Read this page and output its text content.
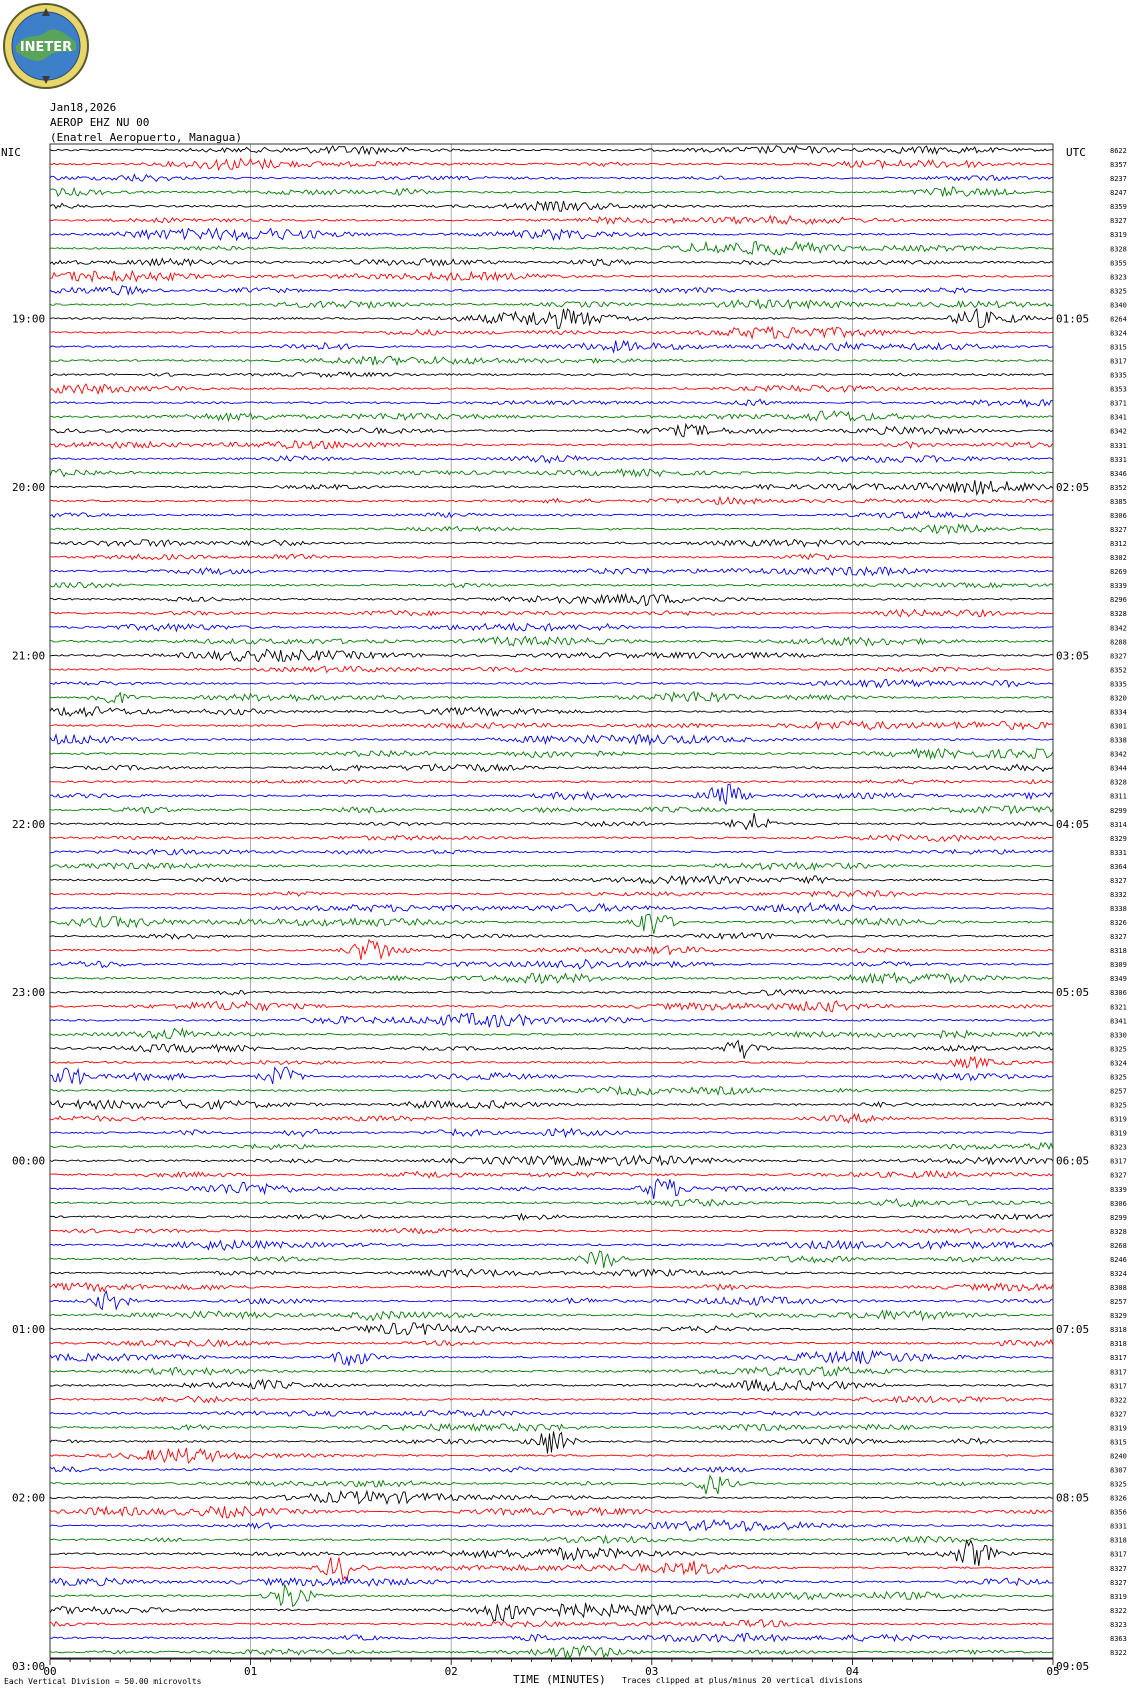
INETER
Jan18,2026
AEROP EHZ NU 00
(Enatrel Aeropuerto, Managua)
NIC	UTC
00	01	02	03	04	05
8622
8357
8237
8247
8359
8327
8319
8328
8355
8323
8325
8340
8264
8324
8315
8317
8335
8353
8371
8341
8342
8331
8331
8346
8352
8385
8306
8327
8312
8302
8269
8339
8296
8328
8342
8288
8327
8352
8335
8320
8334
8301
8338
8342
8344
8328
8311
8299
8314
8329
8331
8364
8327
8332
8338
8326
8327
8318
8309
8349
8306
8321
8341
8330
8325
8324
8325
8257
8325
8319
8319
8323
8317
8327
8339
8306
8299
8328
8268
8246
8324
8308
8257
8329
8318
8318
8317
8317
8317
8322
8327
8319
8315
8240
8307
8325
8326
8356
8331
8318
8317
8327
8327
8319
8322
8323
8363
8322
19:00	01:05
20:00	02:05
21:00	03:05
22:00	04:05
23:00	05:05
00:00	06:05
01:00	07:05
02:00	08:05
03:00	09:05
Each Vertical Division = 50.00 microvolts	TIME (MINUTES) Traces clipped at plus/minus 20 vertical divisions
